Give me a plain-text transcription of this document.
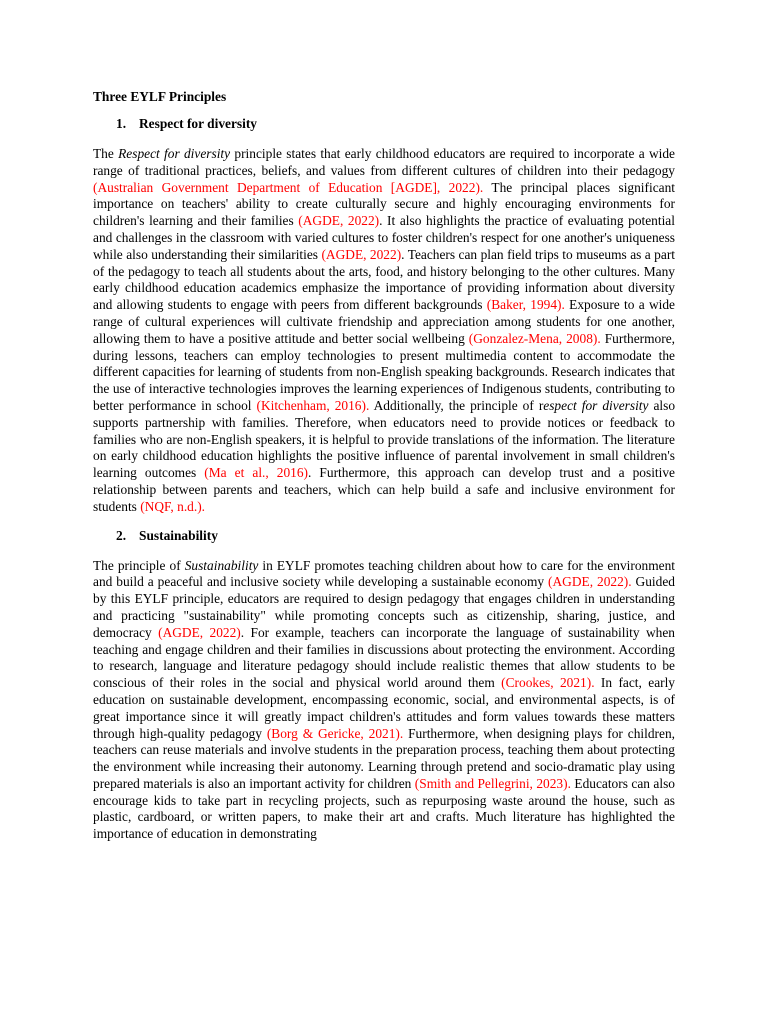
Three EYLF Principles
1. Respect for diversity

The Respect for diversity principle states that early childhood educators are required to incorporate a wide range of traditional practices, beliefs, and values from different cultures of children into their pedagogy (Australian Government Department of Education [AGDE], 2022). The principal places significant importance on teachers' ability to create culturally secure and highly encouraging environments for children's learning and their families (AGDE, 2022). It also highlights the practice of evaluating potential and challenges in the classroom with varied cultures to foster children's respect for one another's uniqueness while also understanding their similarities (AGDE, 2022). Teachers can plan field trips to museums as a part of the pedagogy to teach all students about the arts, food, and history belonging to the other cultures. Many early childhood education academics emphasize the importance of providing information about diversity and allowing students to engage with peers from different backgrounds (Baker, 1994). Exposure to a wide range of cultural experiences will cultivate friendship and appreciation among students for one another, allowing them to have a positive attitude and better social wellbeing (Gonzalez-Mena, 2008). Furthermore, during lessons, teachers can employ technologies to present multimedia content to accommodate the different capacities for learning of students from non-English speaking backgrounds. Research indicates that the use of interactive technologies improves the learning experiences of Indigenous students, contributing to better performance in school (Kitchenham, 2016). Additionally, the principle of respect for diversity also supports partnership with families. Therefore, when educators need to provide notices or feedback to families who are non-English speakers, it is helpful to provide translations of the information. The literature on early childhood education highlights the positive influence of parental involvement in small children's learning outcomes (Ma et al., 2016). Furthermore, this approach can develop trust and a positive relationship between parents and teachers, which can help build a safe and inclusive environment for students (NQF, n.d.).

2. Sustainability

The principle of Sustainability in EYLF promotes teaching children about how to care for the environment and build a peaceful and inclusive society while developing a sustainable economy (AGDE, 2022). Guided by this EYLF principle, educators are required to design pedagogy that engages children in understanding and practicing "sustainability" while promoting concepts such as citizenship, sharing, justice, and democracy (AGDE, 2022). For example, teachers can incorporate the language of sustainability when teaching and engage children and their families in discussions about protecting the environment. According to research, language and literature pedagogy should include realistic themes that allow students to be conscious of their roles in the social and physical world around them (Crookes, 2021). In fact, early education on sustainable development, encompassing economic, social, and environmental aspects, is of great importance since it will greatly impact children's attitudes and form values towards these matters through high-quality pedagogy (Borg & Gericke, 2021). Furthermore, when designing plays for children, teachers can reuse materials and involve students in the preparation process, teaching them about protecting the environment while increasing their autonomy. Learning through pretend and socio-dramatic play using prepared materials is also an important activity for children (Smith and Pellegrini, 2023). Educators can also encourage kids to take part in recycling projects, such as repurposing waste around the house, such as plastic, cardboard, or written papers, to make their art and crafts. Much literature has highlighted the importance of education in demonstrating
